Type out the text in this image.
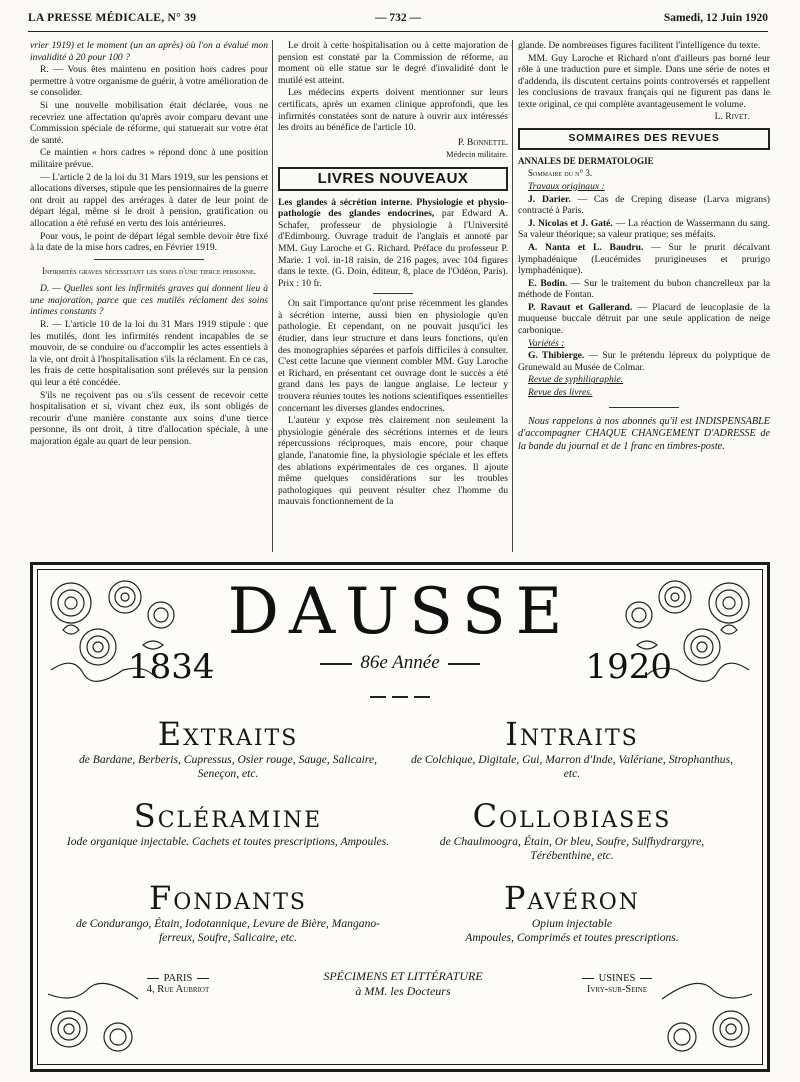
LA PRESSE MÉDICALE, N° 39	— 732 —	Samedi, 12 Juin 1920

vrier 1919) et le moment (un an après) où l'on a évalué mon invalidité à 20 pour 100 ?

R. — Vous êtes maintenu en position hors cadres pour permettre à votre organisme de guérir, à votre amélioration de se consolider.

Si une nouvelle mobilisation était déclarée, vous ne recevriez une affectation qu'après avoir comparu devant une Commission spéciale de réforme, qui statuerait sur votre état de santé.

Ce maintien « hors cadres » répond donc à une position militaire prévue.

— L'article 2 de la loi du 31 Mars 1919, sur les pensions et allocations diverses, stipule que les pensionnaires de la guerre ont droit au rappel des arrérages à dater de leur point de départ légal, même si le droit à pension, gratification ou allocation a été refusé en vertu des lois antérieures.

Pour vous, le point de départ légal semble devoir être fixé à la date de la mise hors cadres, en Février 1919.

Infirmités graves nécessitant les soins d'une tierce personne.

D. — Quelles sont les infirmités graves qui donnent lieu à une majoration, parce que ces mutilés réclament des soins intimes constants ?

R. — L'article 10 de la loi du 31 Mars 1919 stipule : que les mutilés, dont les infirmités rendent incapables de se mouvoir, de se conduire ou d'accomplir les actes essentiels à la vie, ont droit à l'hospitalisation s'ils la réclament. En ce cas, les frais de cette hospitalisation sont prélevés sur la pension qui leur a été concédée.

S'ils ne reçoivent pas ou s'ils cessent de recevoir cette hospitalisation et si, vivant chez eux, ils sont obligés de recourir d'une manière constante aux soins d'une tierce personne, ils ont droit, à titre d'allocation spéciale, à une majoration égale au quart de leur pension.

Le droit à cette hospitalisation ou à cette majoration de pension est constaté par la Commission de réforme, au moment où elle statue sur le degré d'invalidité dont le mutilé est atteint.

Les médecins experts doivent mentionner sur leurs certificats, après un examen clinique approfondi, que les infirmités constatées sont de nature à ouvrir aux intéressés les droits au bénéfice de l'article 10.

P. Bonnette.

Médecin militaire.

LIVRES NOUVEAUX

Les glandes à sécrétion interne. Physiologie et physio-pathologie des glandes endocrines, par Edward A. Schafer, professeur de physiologie à l'Université d'Edimbourg. Ouvrage traduit de l'anglais et annoté par MM. Guy Laroche et G. Richard. Préface du professeur P. Marie. 1 vol. in-18 raisin, de 216 pages, avec 104 figures dans le texte. (G. Doin, éditeur, 8, place de l'Odéon, Paris). Prix : 10 fr.

On sait l'importance qu'ont prise récemment les glandes à sécrétion interne, aussi bien en physiologie qu'en pathologie. Et cependant, on ne pouvait jusqu'ici les étudier, dans leur structure et dans leurs fonctions, qu'en des monographies séparées et parfois difficiles à consulter. C'est cette lacune que viennent combler MM. Guy Laroche et Richard, en présentant cet ouvrage dont le succès a été grand dans les pays de langue anglaise. Le lecteur y trouvera réunies toutes les notions scientifiques essentielles concernant les diverses glandes endocrines.

L'auteur y expose très clairement non seulement la physiologie générale des sécrétions internes et de leurs répercussions réciproques, mais encore, pour chaque glande, l'anatomie fine, la physiologie spéciale et les effets des ablations expérimentales de ces organes. Il ajoute même quelques considérations sur les troubles pathologiques qui peuvent résulter chez l'homme du mauvais fonctionnement de la

glande. De nombreuses figures facilitent l'intelligence du texte.

MM. Guy Laroche et Richard n'ont d'ailleurs pas borné leur rôle à une traduction pure et simple. Dans une série de notes et d'addenda, ils discutent certains points controversés et rappellent les conclusions de travaux français qui ne figurent pas dans le texte original, ce qui complète avantageusement le volume.
L. Rivet.

SOMMAIRES DES REVUES

ANNALES DE DERMATOLOGIE

Sommaire du n° 3.

Travaux originaux :

J. Darier. — Cas de Creping disease (Larva migrans) contracté à Paris.

J. Nicolas et J. Gaté. — La réaction de Wassermann du sang. Sa valeur théorique; sa valeur pratique; ses méfaits.

A. Nanta et L. Baudru. — Sur le prurit décalvant lymphadénique (Leucémides prurigineuses et prurigo lymphadénique).

E. Bodin. — Sur le traitement du bubon chancrelleux par la méthode de Fontan.

P. Ravaut et Gallerand. — Placard de leucoplasie de la muqueuse buccale détruit par une seule application de neige carbonique.

Variétés :

G. Thibierge. — Sur le prétendu lépreux du polyptique de Grunewald au Musée de Colmar.

Revue de syphiligraphie.

Revue des livres.

Nous rappelons à nos abonnés qu'il est INDISPENSABLE d'accompagner CHAQUE CHANGEMENT D'ADRESSE de la bande du journal et de 1 franc en timbres-poste.

DAUSSE
1834	1920
86e Année
Extraits
de Bardane, Berberis, Cupressus, Osier rouge, Sauge, Salicaire, Seneçon, etc.
Intraits
de Colchique, Digitale, Gui, Marron d'Inde, Valériane, Strophanthus, etc.
Scléramine
Iode organique injectable. Cachets et toutes prescriptions, Ampoules.
Collobiases
de Chaulmoogra, Étain, Or bleu, Soufre, Sulfhydrargyre, Térébenthine, etc.
Fondants
de Condurango, Étain, Iodotannique, Levure de Bière, Mangano-ferreux, Soufre, Salicaire, etc.
Pavéron
Opium injectable
Ampoules, Comprimés et toutes prescriptions.
PARIS
4, Rue Aubriot
SPÉCIMENS ET LITTÉRATURE
à MM. les Docteurs
USINES
Ivry-sur-Seine
